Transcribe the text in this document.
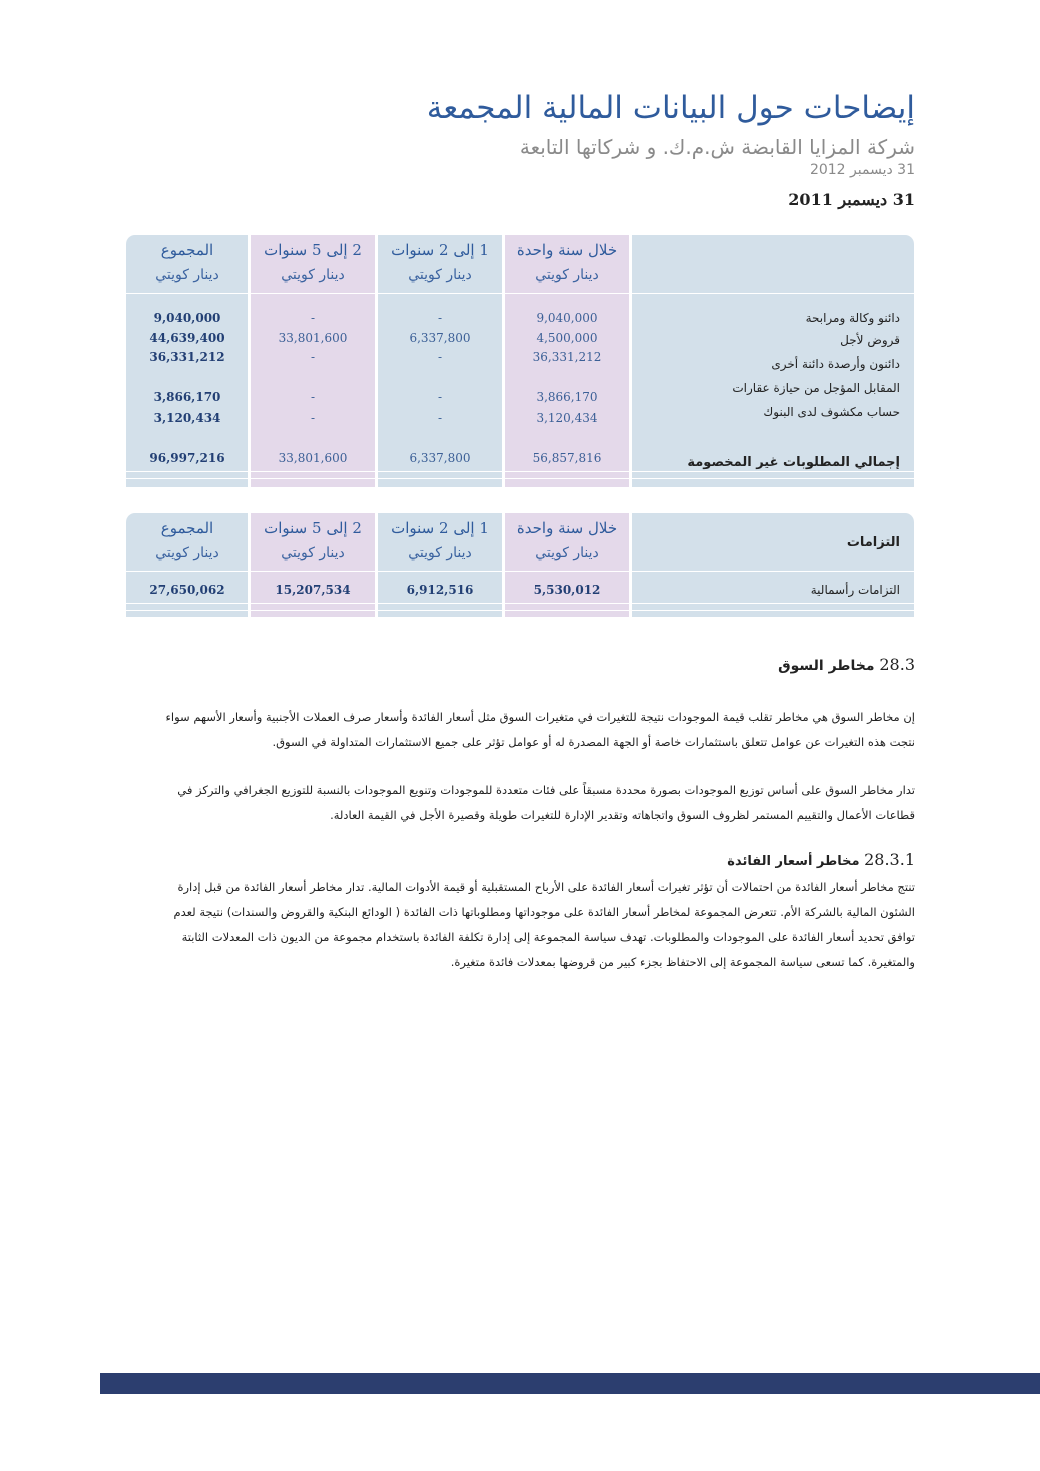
إيضاحات حول البيانات المالية المجمعة
شركة المزايا القابضة ش.م.ك. و شركاتها التابعة
31 ديسمبر 2012
31 ديسمبر 2011
دائنو وكالة ومرابحة
قروض لأجل
دائنون وأرصدة دائنة أخرى
المقابل المؤجل من حيازة عقارات
حساب مكشوف لدى البنوك
إجمالي المطلوبات غير المخصومة
خلال سنة واحدة
دينار كويتي
9,040,000
4,500,000
36,331,212
3,866,170
3,120,434
56,857,816
1 إلى 2 سنوات
دينار كويتي
-
6,337,800
-
-
-
6,337,800
2 إلى 5 سنوات
دينار كويتي
-
33,801,600
-
-
-
33,801,600
المجموع
دينار كويتي
9,040,000
44,639,400
36,331,212
3,866,170
3,120,434
96,997,216
التزامات
التزامات رأسمالية
خلال سنة واحدة
دينار كويتي
5,530,012
1 إلى 2 سنوات
دينار كويتي
6,912,516
2 إلى 5 سنوات
دينار كويتي
15,207,534
المجموع
دينار كويتي
27,650,062
28.3 مخاطر السوق
إن مخاطر السوق هي مخاطر تقلب قيمة الموجودات نتيجة للتغيرات في متغيرات السوق مثل أسعار الفائدة وأسعار صرف العملات الأجنبية وأسعار الأسهم سواء
نتجت هذه التغيرات عن عوامل تتعلق باستثمارات خاصة أو الجهة المصدرة له أو عوامل تؤثر على جميع الاستثمارات المتداولة في السوق.
تدار مخاطر السوق على أساس توزيع الموجودات بصورة محددة مسبقاً على فئات متعددة للموجودات وتنويع الموجودات بالنسبة للتوزيع الجغرافي والتركز في
قطاعات الأعمال والتقييم المستمر لظروف السوق واتجاهاته وتقدير الإدارة للتغيرات طويلة وقصيرة الأجل في القيمة العادلة.
28.3.1 مخاطر أسعار الفائدة
تنتج مخاطر أسعار الفائدة من احتمالات أن تؤثر تغيرات أسعار الفائدة على الأرباح المستقبلية أو قيمة الأدوات المالية. تدار مخاطر أسعار الفائدة من قبل إدارة
الشئون المالية بالشركة الأم. تتعرض المجموعة لمخاطر أسعار الفائدة على موجوداتها ومطلوباتها ذات الفائدة ( الودائع البنكية والقروض والسندات) نتيجة لعدم
توافق تحديد أسعار الفائدة على الموجودات والمطلوبات. تهدف سياسة المجموعة إلى إدارة تكلفة الفائدة باستخدام مجموعة من الديون ذات المعدلات الثابتة
والمتغيرة. كما تسعى سياسة المجموعة إلى الاحتفاظ بجزء كبير من قروضها بمعدلات فائدة متغيرة.
